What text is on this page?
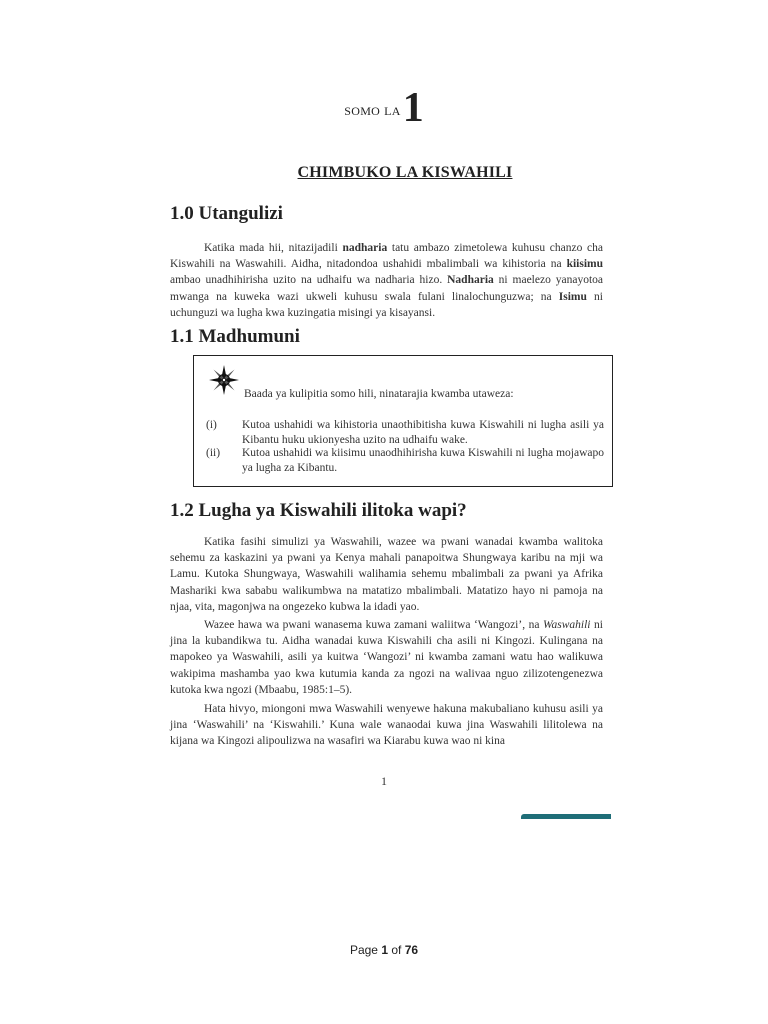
SOMO LA1
CHIMBUKO LA KISWAHILI
1.0 Utangulizi
Katika mada hii, nitazijadili nadharia tatu ambazo zimetolewa kuhusu chanzo cha Kiswahili na Waswahili. Aidha, nitadondoa ushahidi mbalimbali wa kihistoria na kiisimu ambao unadhihirisha uzito na udhaifu wa nadharia hizo. Nadharia ni maelezo yanayotoa mwanga na kuweka wazi ukweli kuhusu swala fulani linalochunguzwa; na Isimu ni uchunguzi wa lugha kwa kuzingatia misingi ya kisayansi.
1.1 Madhumuni
Baada ya kulipitia somo hili, ninatarajia kwamba utaweza:
(i)	Kutoa ushahidi wa kihistoria unaothibitisha kuwa Kiswahili ni lugha asili ya Kibantu huku ukionyesha uzito na udhaifu wake.
(ii)	Kutoa ushahidi wa kiisimu unaodhihirisha kuwa Kiswahili ni lugha mojawapo ya lugha za Kibantu.
1.2 Lugha ya Kiswahili ilitoka wapi?
Katika fasihi simulizi ya Waswahili, wazee wa pwani wanadai kwamba walitoka sehemu za kaskazini ya pwani ya Kenya mahali panapoitwa Shungwaya karibu na mji wa Lamu. Kutoka Shungwaya, Waswahili walihamia sehemu mbalimbali za pwani ya Afrika Mashariki kwa sababu walikumbwa na matatizo mbalimbali. Matatizo hayo ni pamoja na njaa, vita, magonjwa na ongezeko kubwa la idadi yao.
Wazee hawa wa pwani wanasema kuwa zamani waliitwa ‘Wangozi’, na Waswahili ni jina la kubandikwa tu. Aidha wanadai kuwa Kiswahili cha asili ni Kingozi. Kulingana na mapokeo ya Waswahili, asili ya kuitwa ‘Wangozi’ ni kwamba zamani watu hao walikuwa wakipima mashamba yao kwa kutumia kanda za ngozi na walivaa nguo zilizotengenezwa kutoka kwa ngozi (Mbaabu, 1985:1–5).
Hata hivyo, miongoni mwa Waswahili wenyewe hakuna makubaliano kuhusu asili ya jina ‘Waswahili’ na ‘Kiswahili.’ Kuna wale wanaodai kuwa jina Waswahili lilitolewa na kijana wa Kingozi alipoulizwa na wasafiri wa Kiarabu kuwa wao ni kina
1
Page 1 of 76
